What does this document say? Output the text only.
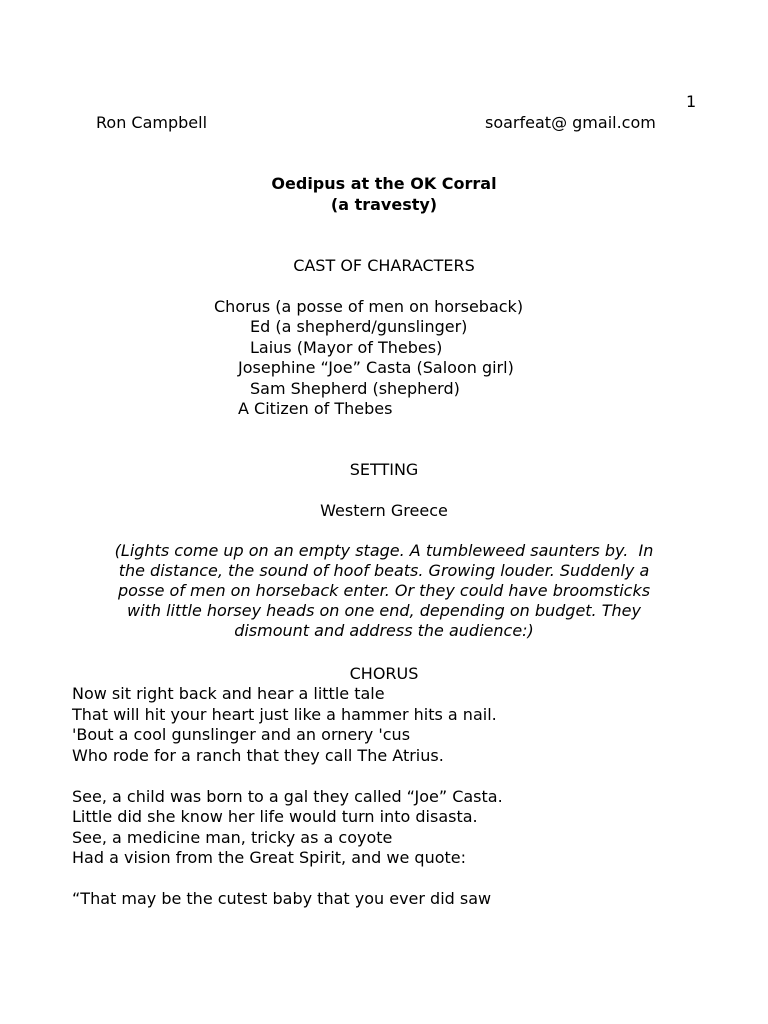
1

Ron Campbell	soarfeat@ gmail.com

Oedipus at the OK Corral

(a travesty)

CAST OF CHARACTERS

Chorus (a posse of men on horseback)

Ed (a shepherd/gunslinger)

Laius (Mayor of Thebes)

Josephine “Joe” Casta (Saloon girl)

Sam Shepherd (shepherd)

A Citizen of Thebes

SETTING

Western Greece

(Lights come up on an empty stage. A tumbleweed saunters by.  In
the distance, the sound of hoof beats. Growing louder. Suddenly a
posse of men on horseback enter. Or they could have broomsticks
with little horsey heads on one end, depending on budget. They
dismount and address the audience:)

CHORUS

Now sit right back and hear a little tale

That will hit your heart just like a hammer hits a nail.

'Bout a cool gunslinger and an ornery 'cus

Who rode for a ranch that they call The Atrius.

See, a child was born to a gal they called “Joe” Casta.

Little did she know her life would turn into disasta.

See, a medicine man, tricky as a coyote

Had a vision from the Great Spirit, and we quote:

“That may be the cutest baby that you ever did saw
